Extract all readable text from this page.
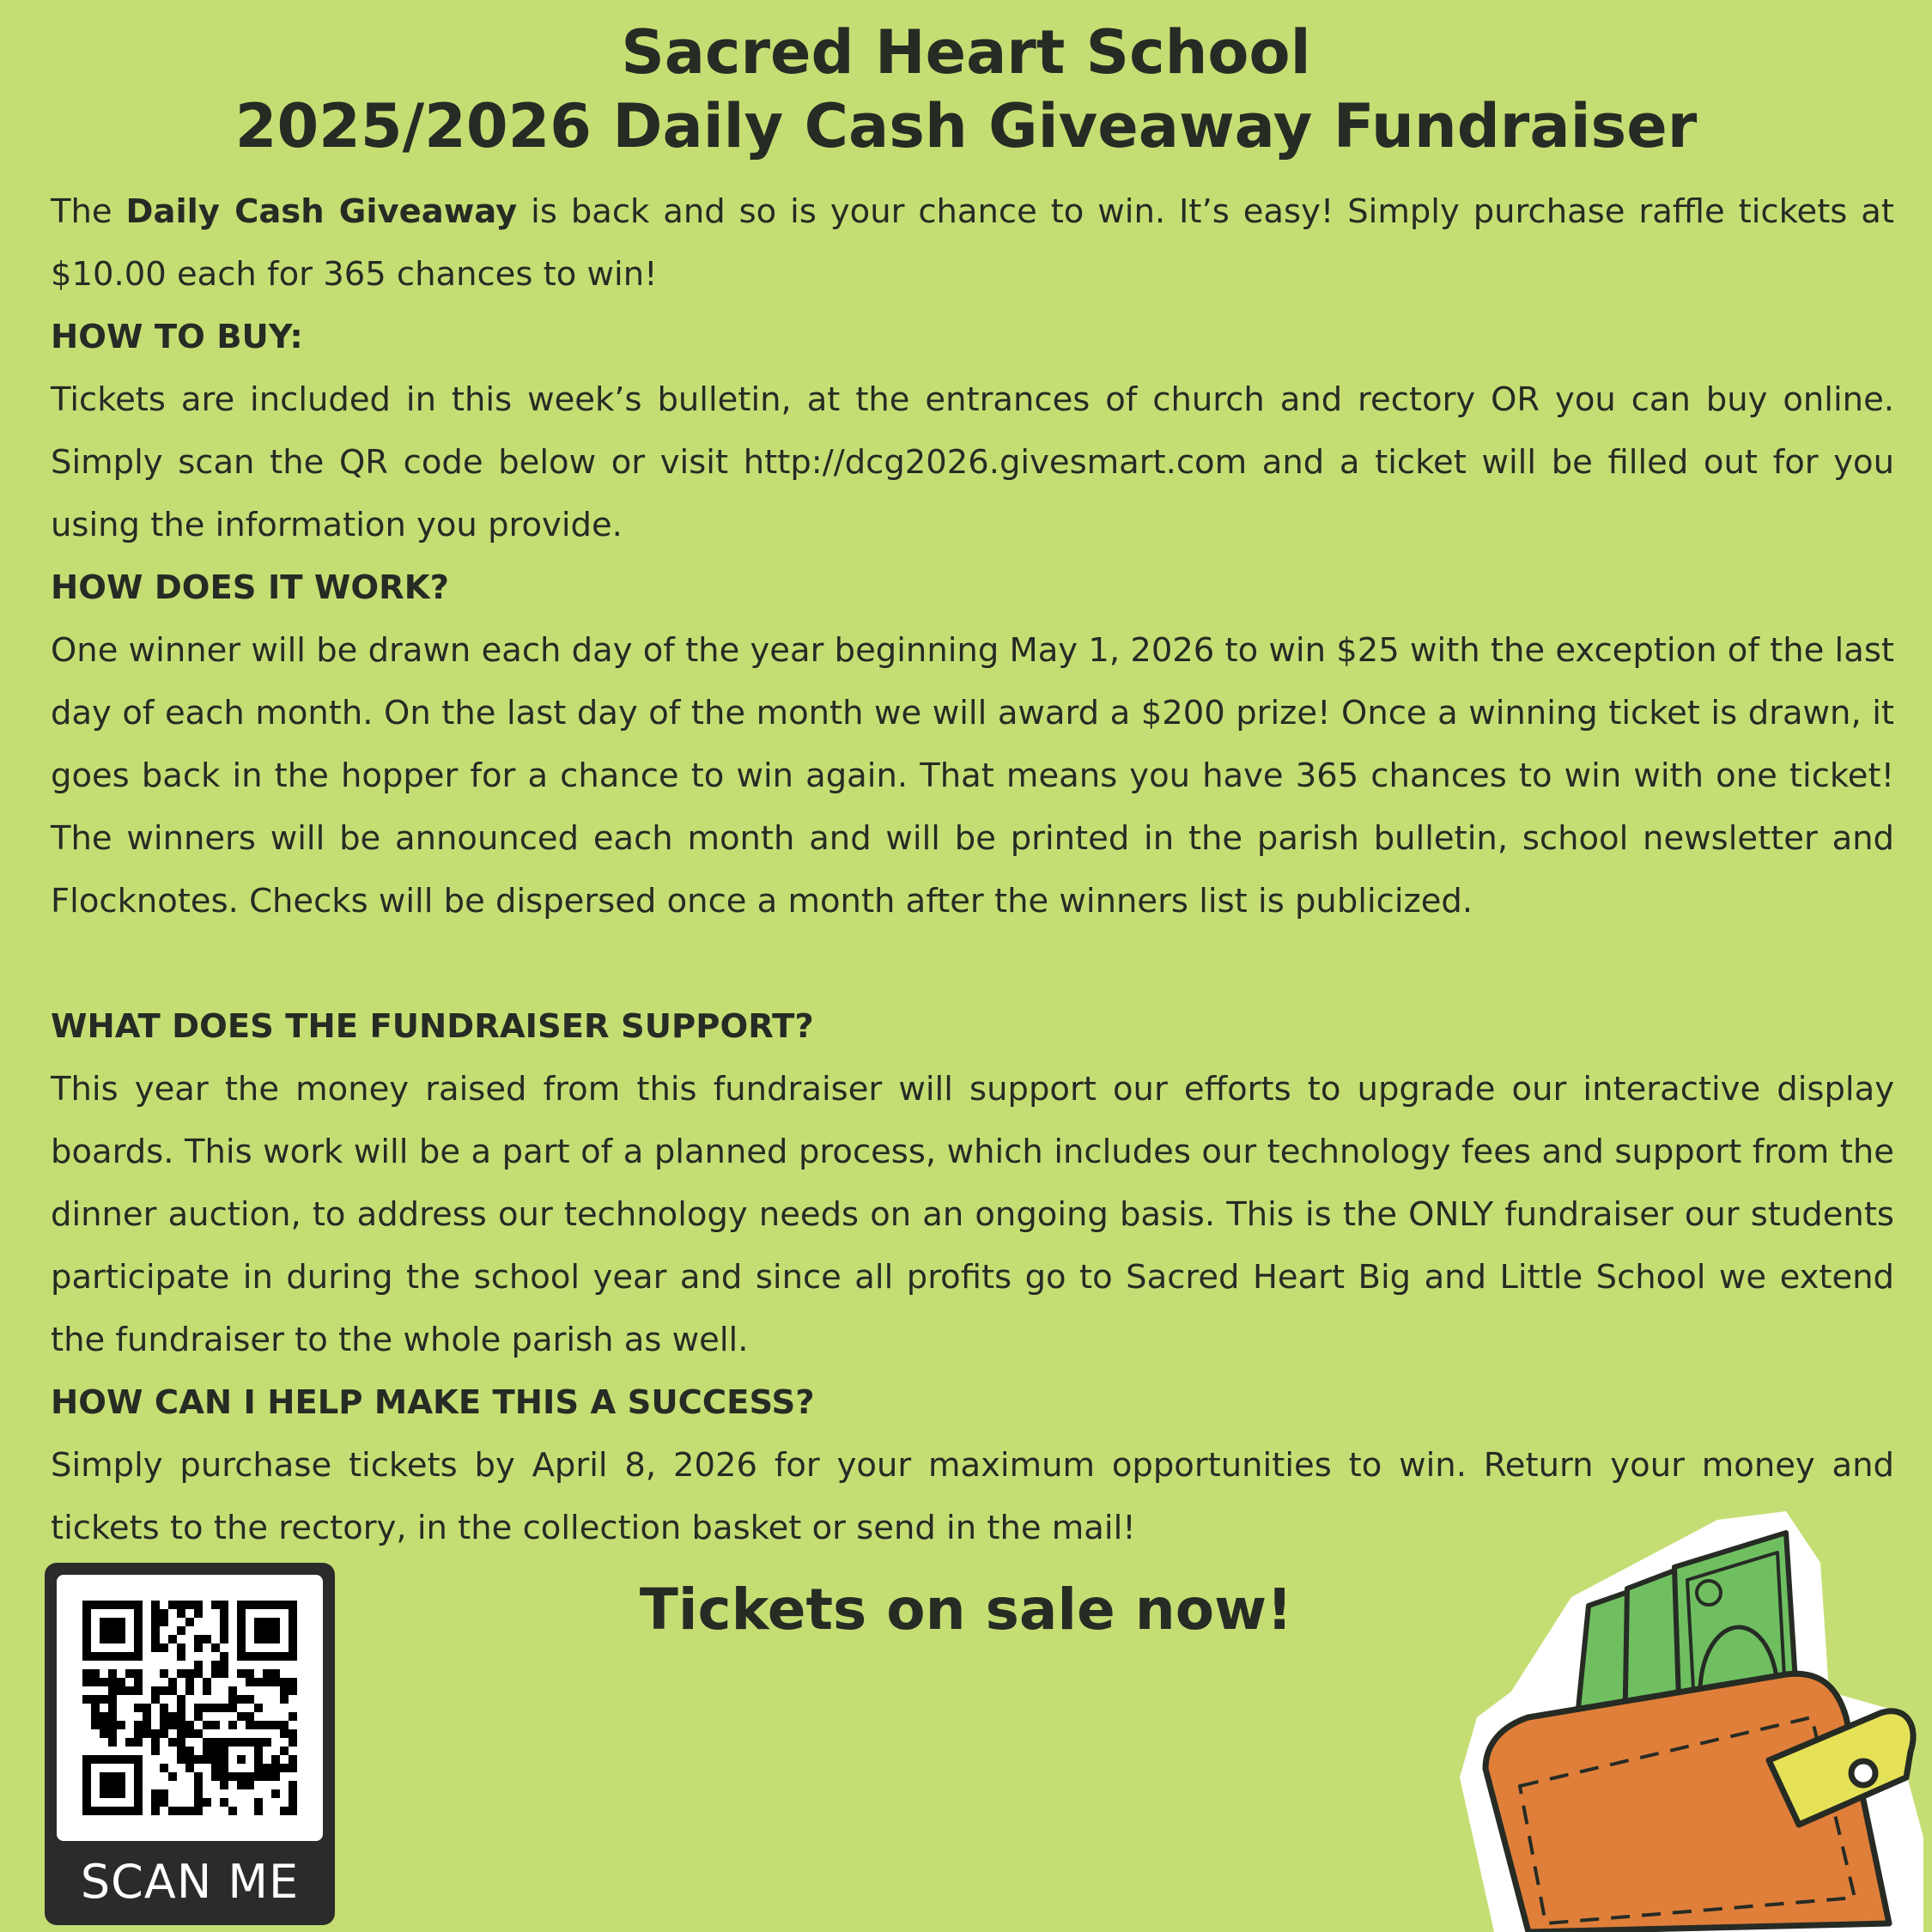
Sacred Heart School
2025/2026 Daily Cash Giveaway Fundraiser

The Daily Cash Giveaway is back and so is your chance to win. It’s easy! Simply purchase raffle tickets at $10.00 each for 365 chances to win!

HOW TO BUY:

Tickets are included in this week’s bulletin, at the entrances of church and rectory OR you can buy online. Simply scan the QR code below or visit http://dcg2026.givesmart.com and a ticket will be filled out for you using the information you provide.

HOW DOES IT WORK?

One winner will be drawn each day of the year beginning May 1, 2026 to win $25 with the exception of the last day of each month. On the last day of the month we will award a $200 prize! Once a winning ticket is drawn, it goes back in the hopper for a chance to win again. That means you have 365 chances to win with one ticket! The winners will be announced each month and will be printed in the parish bulletin, school newsletter and Flocknotes. Checks will be dispersed once a month after the winners list is publicized.

WHAT DOES THE FUNDRAISER SUPPORT?

This year the money raised from this fundraiser will support our efforts to upgrade our interactive display boards. This work will be a part of a planned process, which includes our technology fees and support from the dinner auction, to address our technology needs on an ongoing basis. This is the ONLY fundraiser our students participate in during the school year and since all profits go to Sacred Heart Big and Little School we extend the fundraiser to the whole parish as well.

HOW CAN I HELP MAKE THIS A SUCCESS?

Simply purchase tickets by April 8, 2026 for your maximum opportunities to win. Return your money and tickets to the rectory, in the collection basket or send in the mail!

Tickets on sale now!
SCAN ME
